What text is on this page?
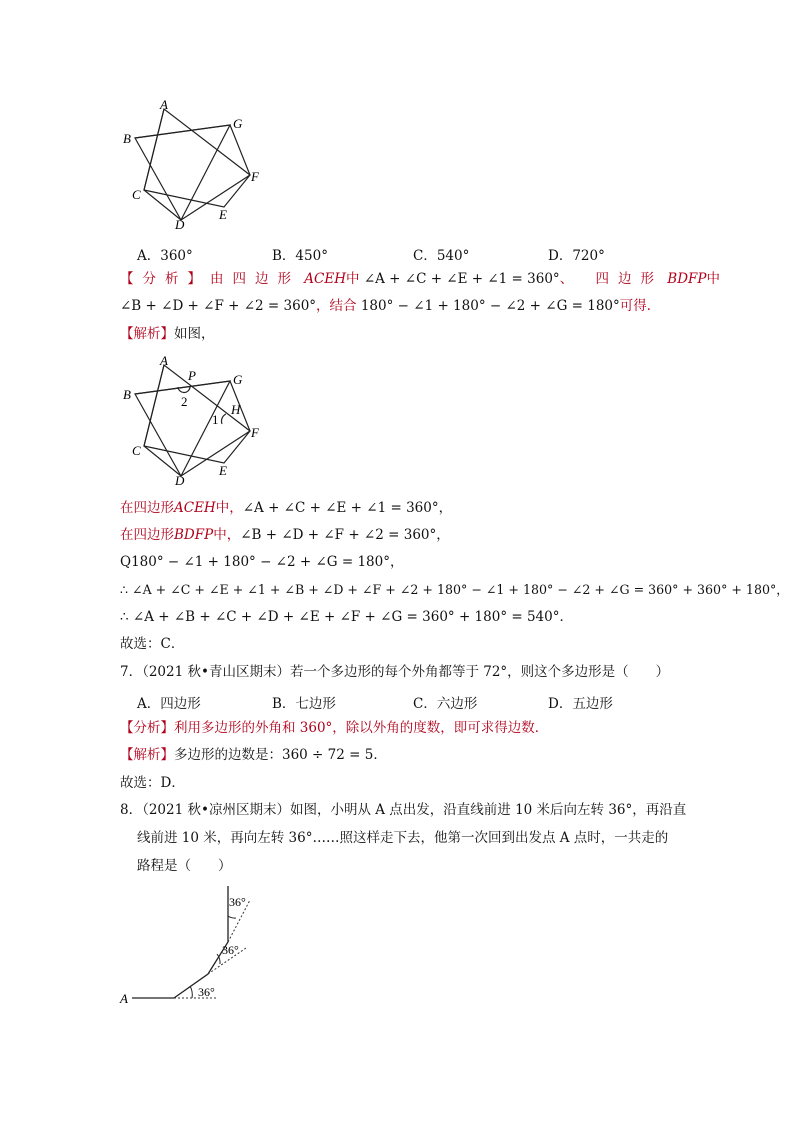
A
B
G
F
C
D
E
A．360°	B．450°	C．540°	D．720°
【分析】由四边形 ACEH中 ∠A + ∠C + ∠E + ∠1 = 360°、 四边形 BDFP中
∠B + ∠D + ∠F + ∠2 = 360°，结合 180° − ∠1 + 180° − ∠2 + ∠G = 180°可得．
【解析】如图，
A
B
P	G
H
2
1
F
C
D
E
在四边形ACEH中，∠A + ∠C + ∠E + ∠1 = 360°，
在四边形BDFP中，∠B + ∠D + ∠F + ∠2 = 360°，
Q180° − ∠1 + 180° − ∠2 + ∠G = 180°，
∴ ∠A + ∠C + ∠E + ∠1 + ∠B + ∠D + ∠F + ∠2 + 180° − ∠1 + 180° − ∠2 + ∠G = 360° + 360° + 180°，
∴ ∠A + ∠B + ∠C + ∠D + ∠E + ∠F + ∠G = 360° + 180° = 540°．
故选：C．
7．（2021 秋•青山区期末）若一个多边形的每个外角都等于 72°，则这个多边形是（　　）
A．四边形	B．七边形	C．六边形	D．五边形
【分析】利用多边形的外角和 360°，除以外角的度数，即可求得边数．
【解析】多边形的边数是：360 ÷ 72 = 5．
故选：D．
8．（2021 秋•凉州区期末）如图，小明从 A 点出发，沿直线前进 10 米后向左转 36°，再沿直
线前进 10 米，再向左转 36°……照这样走下去，他第一次回到出发点 A 点时，一共走的
路程是（　　）
A	36°
36°
36°
